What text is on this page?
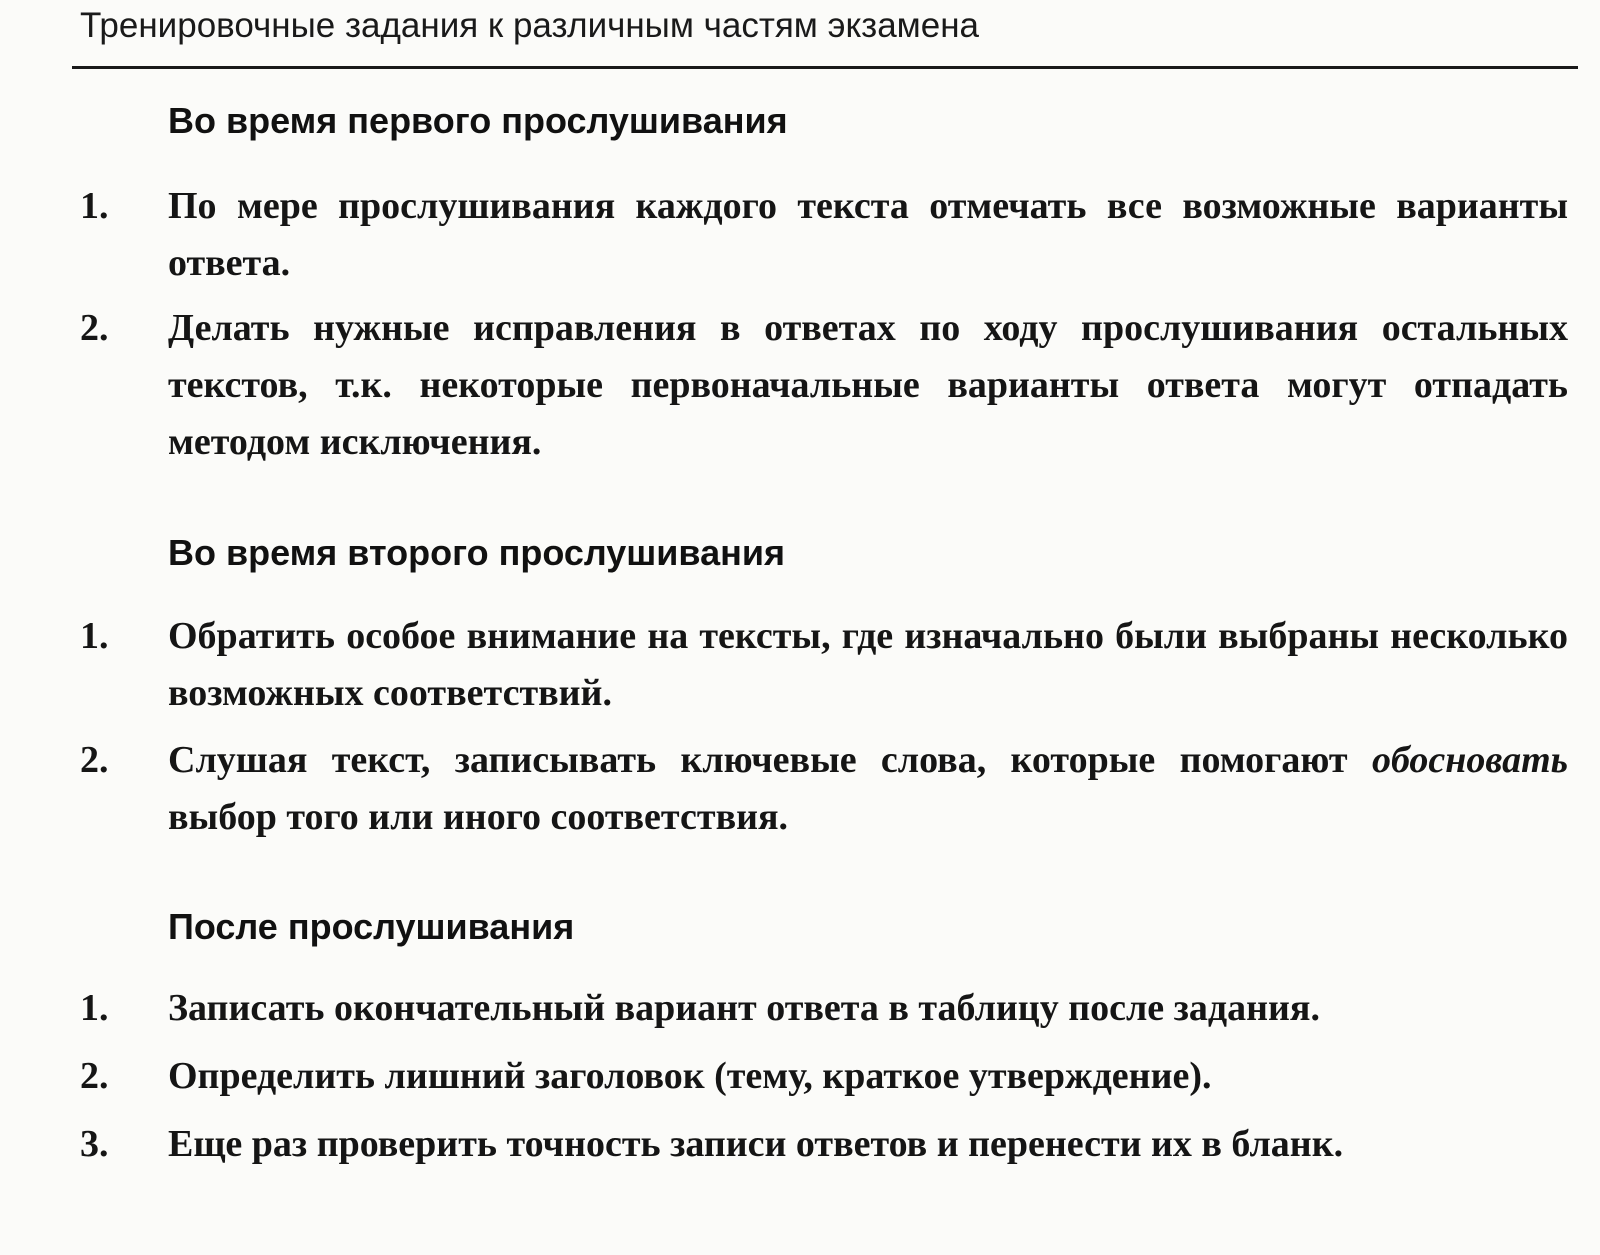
Тренировочные задания к различным частям экзамена
Во время первого прослушивания
1. По мере прослушивания каждого текста отмечать все возможные варианты ответа.
2. Делать нужные исправления в ответах по ходу прослушивания остальных текстов, т.к. некоторые первоначальные варианты ответа могут отпадать методом исключения.
Во время второго прослушивания
1. Обратить особое внимание на тексты, где изначально были выбраны несколько возможных соответствий.
2. Слушая текст, записывать ключевые слова, которые помогают обосновать выбор того или иного соответствия.
После прослушивания
1. Записать окончательный вариант ответа в таблицу после задания.
2. Определить лишний заголовок (тему, краткое утверждение).
3. Еще раз проверить точность записи ответов и перенести их в бланк.
